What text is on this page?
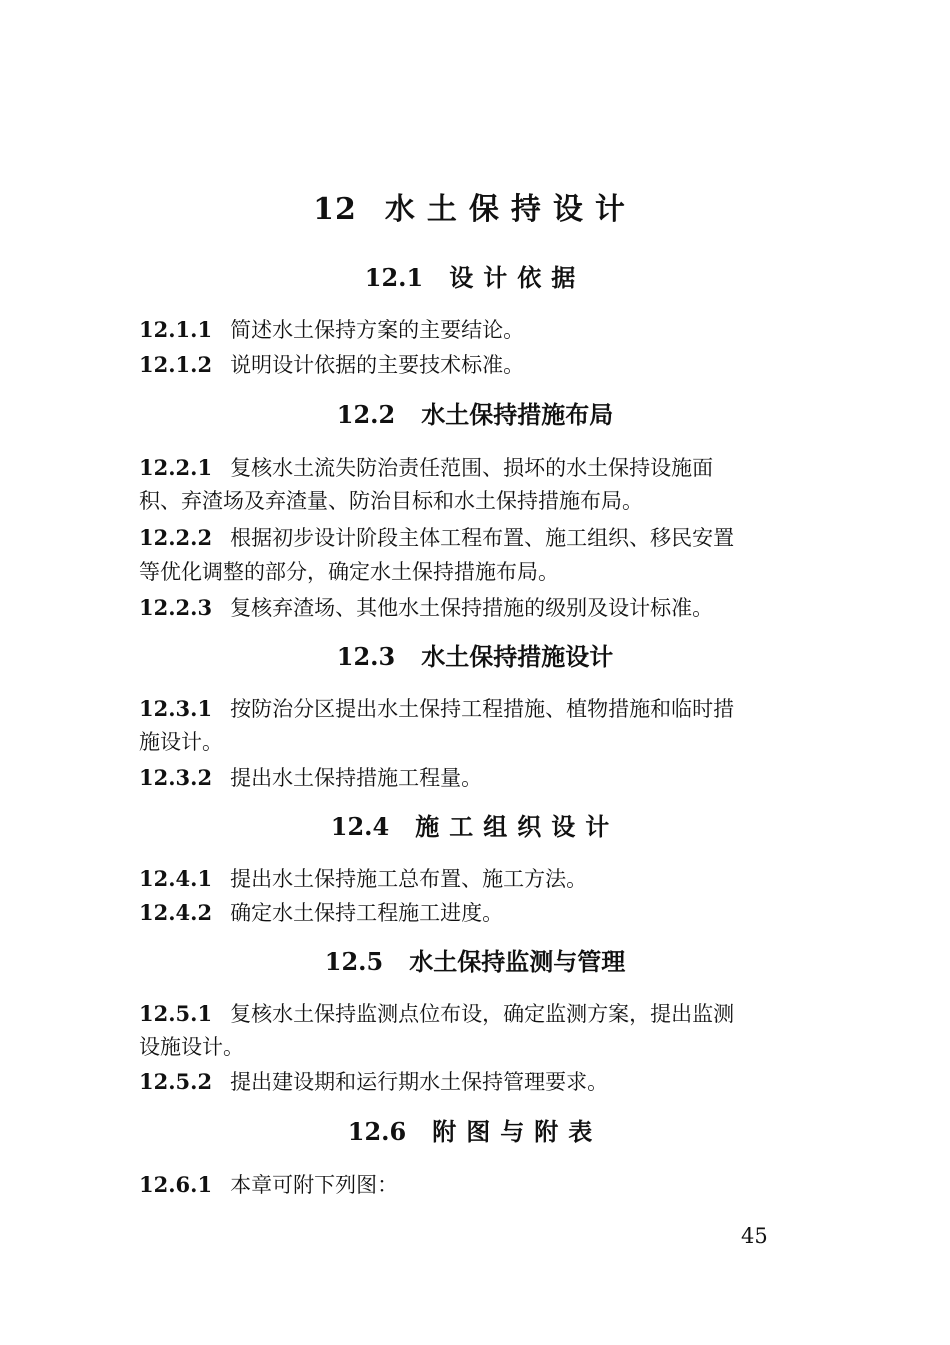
12 水土保持设计
12.1 设计依据
12.1.1 简述水土保持方案的主要结论。
12.1.2 说明设计依据的主要技术标准。
12.2 水土保持措施布局
12.2.1 复核水土流失防治责任范围、损坏的水土保持设施面
积、弃渣场及弃渣量、防治目标和水土保持措施布局。
12.2.2 根据初步设计阶段主体工程布置、施工组织、移民安置
等优化调整的部分，确定水土保持措施布局。
12.2.3 复核弃渣场、其他水土保持措施的级别及设计标准。
12.3 水土保持措施设计
12.3.1 按防治分区提出水土保持工程措施、植物措施和临时措
施设计。
12.3.2 提出水土保持措施工程量。
12.4 施工组织设计
12.4.1 提出水土保持施工总布置、施工方法。
12.4.2 确定水土保持工程施工进度。
12.5 水土保持监测与管理
12.5.1 复核水土保持监测点位布设，确定监测方案，提出监测
设施设计。
12.5.2 提出建设期和运行期水土保持管理要求。
12.6 附图与附表
12.6.1 本章可附下列图：
45
